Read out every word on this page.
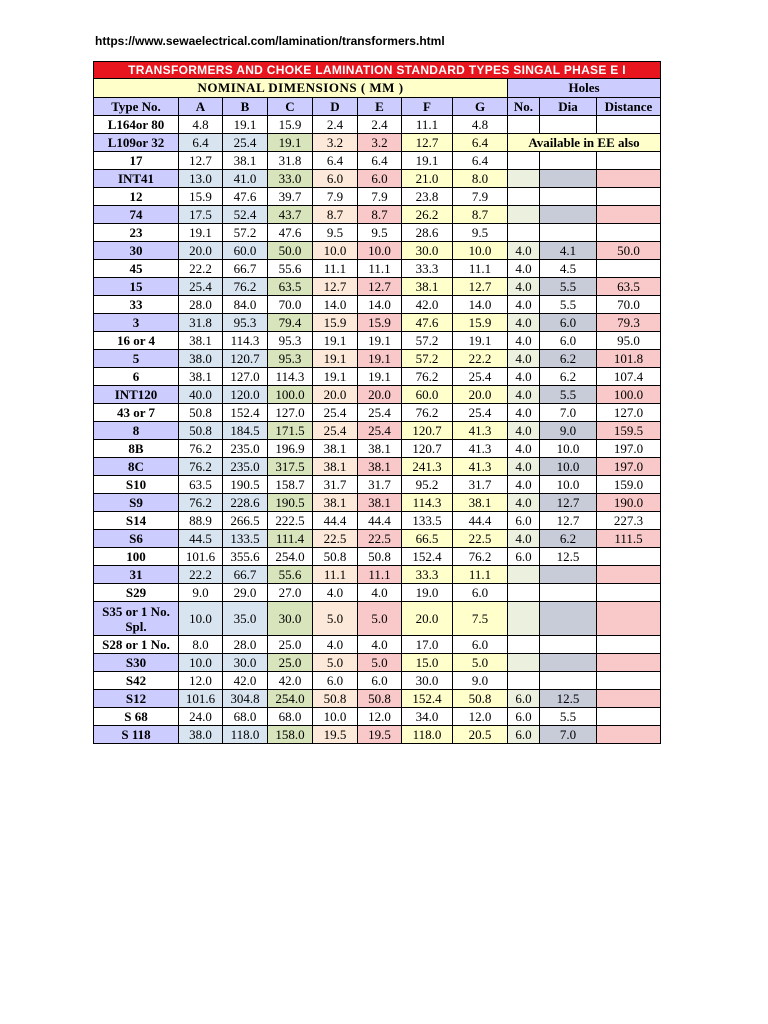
https://www.sewaelectrical.com/lamination/transformers.html
TRANSFORMERS AND CHOKE LAMINATION STANDARD TYPES SINGAL PHASE E I										
NOMINAL DIMENSIONS ( MM )								Holes		
Type No.	A	B	C	D	E	F	G	No.	Dia	Distance
L164or 80	4.8	19.1	15.9	2.4	2.4	11.1	4.8			
L109or 32	6.4	25.4	19.1	3.2	3.2	12.7	6.4	Available in EE also		
17	12.7	38.1	31.8	6.4	6.4	19.1	6.4			
INT41	13.0	41.0	33.0	6.0	6.0	21.0	8.0			
12	15.9	47.6	39.7	7.9	7.9	23.8	7.9			
74	17.5	52.4	43.7	8.7	8.7	26.2	8.7			
23	19.1	57.2	47.6	9.5	9.5	28.6	9.5			
30	20.0	60.0	50.0	10.0	10.0	30.0	10.0	4.0	4.1	50.0
45	22.2	66.7	55.6	11.1	11.1	33.3	11.1	4.0	4.5	
15	25.4	76.2	63.5	12.7	12.7	38.1	12.7	4.0	5.5	63.5
33	28.0	84.0	70.0	14.0	14.0	42.0	14.0	4.0	5.5	70.0
3	31.8	95.3	79.4	15.9	15.9	47.6	15.9	4.0	6.0	79.3
16 or 4	38.1	114.3	95.3	19.1	19.1	57.2	19.1	4.0	6.0	95.0
5	38.0	120.7	95.3	19.1	19.1	57.2	22.2	4.0	6.2	101.8
6	38.1	127.0	114.3	19.1	19.1	76.2	25.4	4.0	6.2	107.4
INT120	40.0	120.0	100.0	20.0	20.0	60.0	20.0	4.0	5.5	100.0
43 or 7	50.8	152.4	127.0	25.4	25.4	76.2	25.4	4.0	7.0	127.0
8	50.8	184.5	171.5	25.4	25.4	120.7	41.3	4.0	9.0	159.5
8B	76.2	235.0	196.9	38.1	38.1	120.7	41.3	4.0	10.0	197.0
8C	76.2	235.0	317.5	38.1	38.1	241.3	41.3	4.0	10.0	197.0
S10	63.5	190.5	158.7	31.7	31.7	95.2	31.7	4.0	10.0	159.0
S9	76.2	228.6	190.5	38.1	38.1	114.3	38.1	4.0	12.7	190.0
S14	88.9	266.5	222.5	44.4	44.4	133.5	44.4	6.0	12.7	227.3
S6	44.5	133.5	111.4	22.5	22.5	66.5	22.5	4.0	6.2	111.5
100	101.6	355.6	254.0	50.8	50.8	152.4	76.2	6.0	12.5	
31	22.2	66.7	55.6	11.1	11.1	33.3	11.1			
S29	9.0	29.0	27.0	4.0	4.0	19.0	6.0			
S35 or 1 No. Spl.	10.0	35.0	30.0	5.0	5.0	20.0	7.5			
S28 or 1 No.	8.0	28.0	25.0	4.0	4.0	17.0	6.0			
S30	10.0	30.0	25.0	5.0	5.0	15.0	5.0			
S42	12.0	42.0	42.0	6.0	6.0	30.0	9.0			
S12	101.6	304.8	254.0	50.8	50.8	152.4	50.8	6.0	12.5	
S 68	24.0	68.0	68.0	10.0	12.0	34.0	12.0	6.0	5.5	
S 118	38.0	118.0	158.0	19.5	19.5	118.0	20.5	6.0	7.0	
